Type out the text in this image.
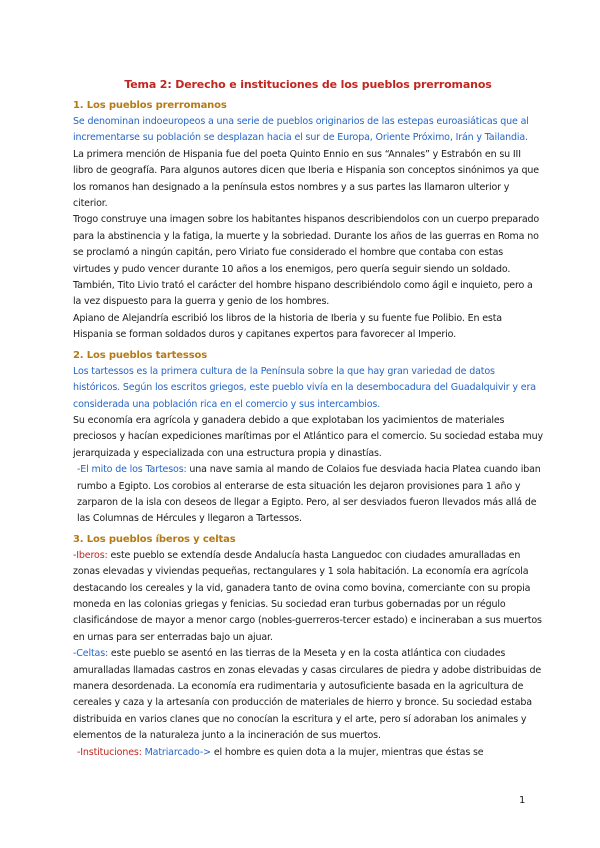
Tema 2: Derecho e instituciones de los pueblos prerromanos
1. Los pueblos prerromanos

Se denominan indoeuropeos a una serie de pueblos originarios de las estepas euroasiáticas que al incrementarse su población se desplazan hacia el sur de Europa, Oriente Próximo, Irán y Tailandia.

La primera mención de Hispania fue del poeta Quinto Ennio en sus “Annales” y Estrabón en su III libro de geografía. Para algunos autores dicen que Iberia e Hispania son conceptos sinónimos ya que los romanos han designado a la península estos nombres y a sus partes las llamaron ulterior y citerior.

Trogo construye una imagen sobre los habitantes hispanos describiendolos con un cuerpo preparado para la abstinencia y la fatiga, la muerte y la sobriedad. Durante los años de las guerras en Roma no se proclamó a ningún capitán, pero Viriato fue considerado el hombre que contaba con estas virtudes y pudo vencer durante 10 años a los enemigos, pero quería seguir siendo un soldado. También, Tito Livio trató el carácter del hombre hispano describiéndolo como ágil e inquieto, pero a la vez dispuesto para la guerra y genio de los hombres.

Apiano de Alejandría escribió los libros de la historia de Iberia y su fuente fue Polibio. En esta Hispania se forman soldados duros y capitanes expertos para favorecer al Imperio.

2. Los pueblos tartessos

Los tartessos es la primera cultura de la Península sobre la que hay gran variedad de datos históricos. Según los escritos griegos, este pueblo vivía en la desembocadura del Guadalquivir y era considerada una población rica en el comercio y sus intercambios.

Su economía era agrícola y ganadera debido a que explotaban los yacimientos de materiales preciosos y hacían expediciones marítimas por el Atlántico para el comercio. Su sociedad estaba muy jerarquizada y especializada con una estructura propia y dinastías.

-El mito de los Tartesos: una nave samia al mando de Colaios fue desviada hacia Platea cuando iban rumbo a Egipto. Los corobios al enterarse de esta situación les dejaron provisiones para 1 año y zarparon de la isla con deseos de llegar a Egipto. Pero, al ser desviados fueron llevados más allá de las Columnas de Hércules y llegaron a Tartessos.

3. Los pueblos íberos y celtas

-Iberos: este pueblo se extendía desde Andalucía hasta Languedoc con ciudades amuralladas en zonas elevadas y viviendas pequeñas, rectangulares y 1 sola habitación. La economía era agrícola destacando los cereales y la vid, ganadera tanto de ovina como bovina, comerciante con su propia moneda en las colonias griegas y fenicias. Su sociedad eran turbus gobernadas por un régulo clasificándose de mayor a menor cargo (nobles-guerreros-tercer estado) e incineraban a sus muertos en urnas para ser enterradas bajo un ajuar.

-Celtas: este pueblo se asentó en las tierras de la Meseta y en la costa atlántica con ciudades amuralladas llamadas castros en zonas elevadas y casas circulares de piedra y adobe distribuidas de manera desordenada. La economía era rudimentaria y autosuficiente basada en la agricultura de cereales y caza y la artesanía con producción de materiales de hierro y bronce. Su sociedad estaba distribuida en varios clanes que no conocían la escritura y el arte, pero sí adoraban los animales y elementos de la naturaleza junto a la incineración de sus muertos.

-Instituciones: Matriarcado-> el hombre es quien dota a la mujer, mientras que éstas se

1
